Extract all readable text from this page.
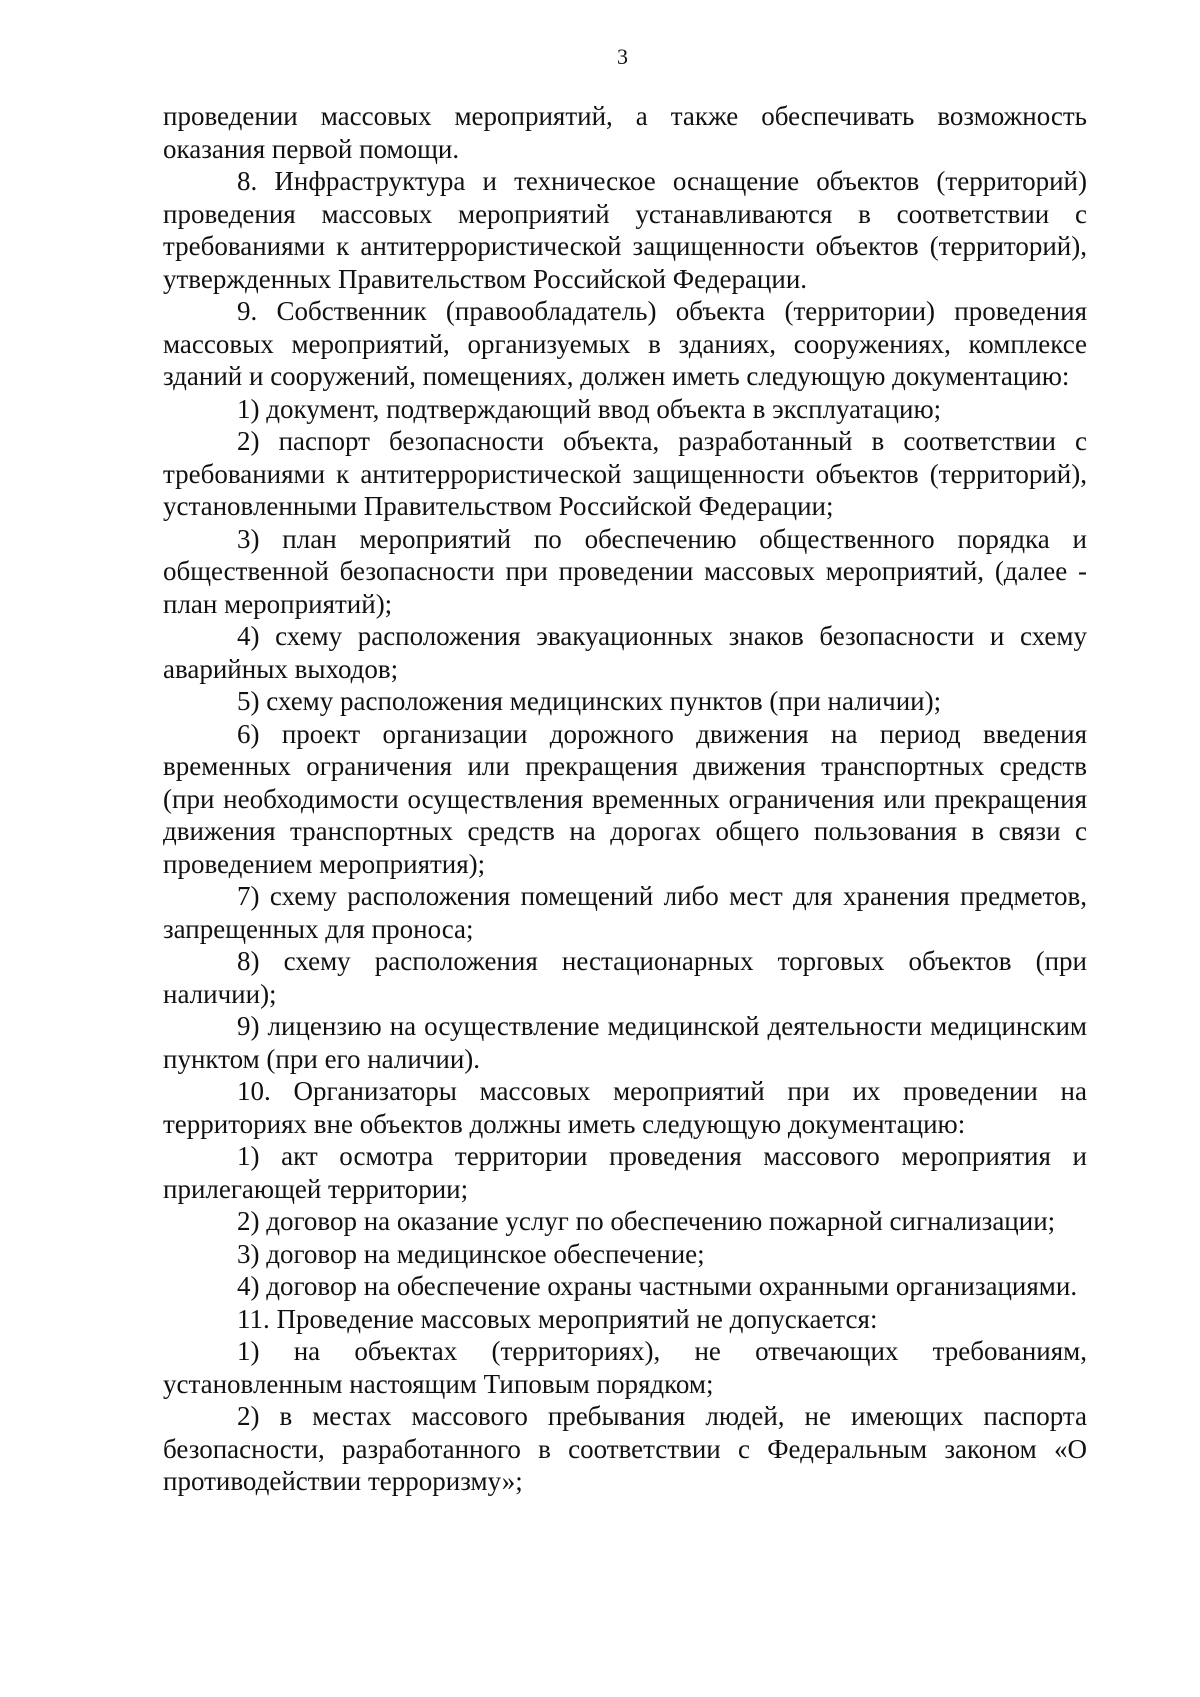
3

проведении массовых мероприятий, а также обеспечивать возможность оказания первой помощи.

8. Инфраструктура и техническое оснащение объектов (территорий) проведения массовых мероприятий устанавливаются в соответствии с требованиями к антитеррористической защищенности объектов (территорий), утвержденных Правительством Российской Федерации.

9. Собственник (правообладатель) объекта (территории) проведения массовых мероприятий, организуемых в зданиях, сооружениях, комплексе зданий и сооружений, помещениях, должен иметь следующую документацию:

1) документ, подтверждающий ввод объекта в эксплуатацию;

2) паспорт безопасности объекта, разработанный в соответствии с требованиями к антитеррористической защищенности объектов (территорий), установленными Правительством Российской Федерации;

3) план мероприятий по обеспечению общественного порядка и общественной безопасности при проведении массовых мероприятий, (далее - план мероприятий);

4) схему расположения эвакуационных знаков безопасности и схему аварийных выходов;

5) схему расположения медицинских пунктов (при наличии);

6) проект организации дорожного движения на период введения временных ограничения или прекращения движения транспортных средств (при необходимости осуществления временных ограничения или прекращения движения транспортных средств на дорогах общего пользования в связи с проведением мероприятия);

7) схему расположения помещений либо мест для хранения предметов, запрещенных для проноса;

8) схему расположения нестационарных торговых объектов (при наличии);

9) лицензию на осуществление медицинской деятельности медицинским пунктом (при его наличии).

10. Организаторы массовых мероприятий при их проведении на территориях вне объектов должны иметь следующую документацию:

1) акт осмотра территории проведения массового мероприятия и прилегающей территории;

2) договор на оказание услуг по обеспечению пожарной сигнализации;

3) договор на медицинское обеспечение;

4) договор на обеспечение охраны частными охранными организациями.

11. Проведение массовых мероприятий не допускается:

1) на объектах (территориях), не отвечающих требованиям, установленным настоящим Типовым порядком;

2) в местах массового пребывания людей, не имеющих паспорта безопасности, разработанного в соответствии с Федеральным законом «О противодействии терроризму»;
